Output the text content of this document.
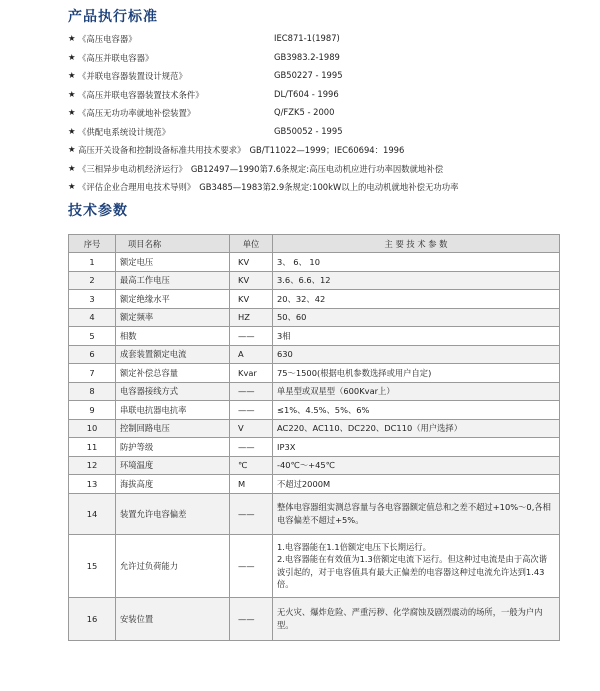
产品执行标准
★ 《高压电容器》	IEC871-1(1987)
★ 《高压并联电容器》	GB3983.2-1989
★ 《并联电容器装置设计规范》	GB50227 - 1995
★ 《高压并联电容器装置技术条件》	DL/T604 - 1996
★ 《高压无功功率就地补偿装置》	Q/FZK5 - 2000
★ 《供配电系统设计规范》	GB50052 - 1995
★ 高压开关设备和控制设备标准共用技术要求》 GB/T11022—1999；IEC60694：1996
★ 《三相异步电动机经济运行》 GB12497—1990第7.6条规定:高压电动机应进行功率因数就地补偿
★ 《评估企业合理用电技术导则》 GB3485—1983第2.9条规定:100kW以上的电动机就地补偿无功功率
技术参数
序号	项目名称	单位	主 要 技 术 参 数
1	额定电压	KV	3、 6、 10
2	最高工作电压	KV	3.6、6.6、12
3	额定绝缘水平	KV	20、32、42
4	额定频率	HZ	50、60
5	相数	——	3相
6	成套装置额定电流	A	630
7	额定补偿总容量	Kvar	75～1500(根据电机参数选择或用户自定)
8	电容器接线方式	——	单星型或双星型（600Kvar上）
9	串联电抗器电抗率	——	≤1%、4.5%、5%、6%
10	控制回路电压	V	AC220、AC110、DC220、DC110（用户选择）
11	防护等级	——	IP3X
12	环境温度	℃	-40℃～+45℃
13	海拔高度	M	不超过2000M
14	装置允许电容偏差	——	整体电容器组实测总容量与各电容器额定值总和之差不超过+10%～0,各相电容偏差不超过+5%。
15	允许过负荷能力	——	1.电容器能在1.1倍额定电压下长期运行。
2.电容器能在有效值为1.3倍额定电流下运行。但这种过电流是由于高次谐波引起的，对于电容值具有最大正偏差的电容器这种过电流允许达到1.43倍。
16	安装位置	——	无火灾、爆炸危险、严重污秽、化学腐蚀及剧烈震动的场所，一般为户内型。
